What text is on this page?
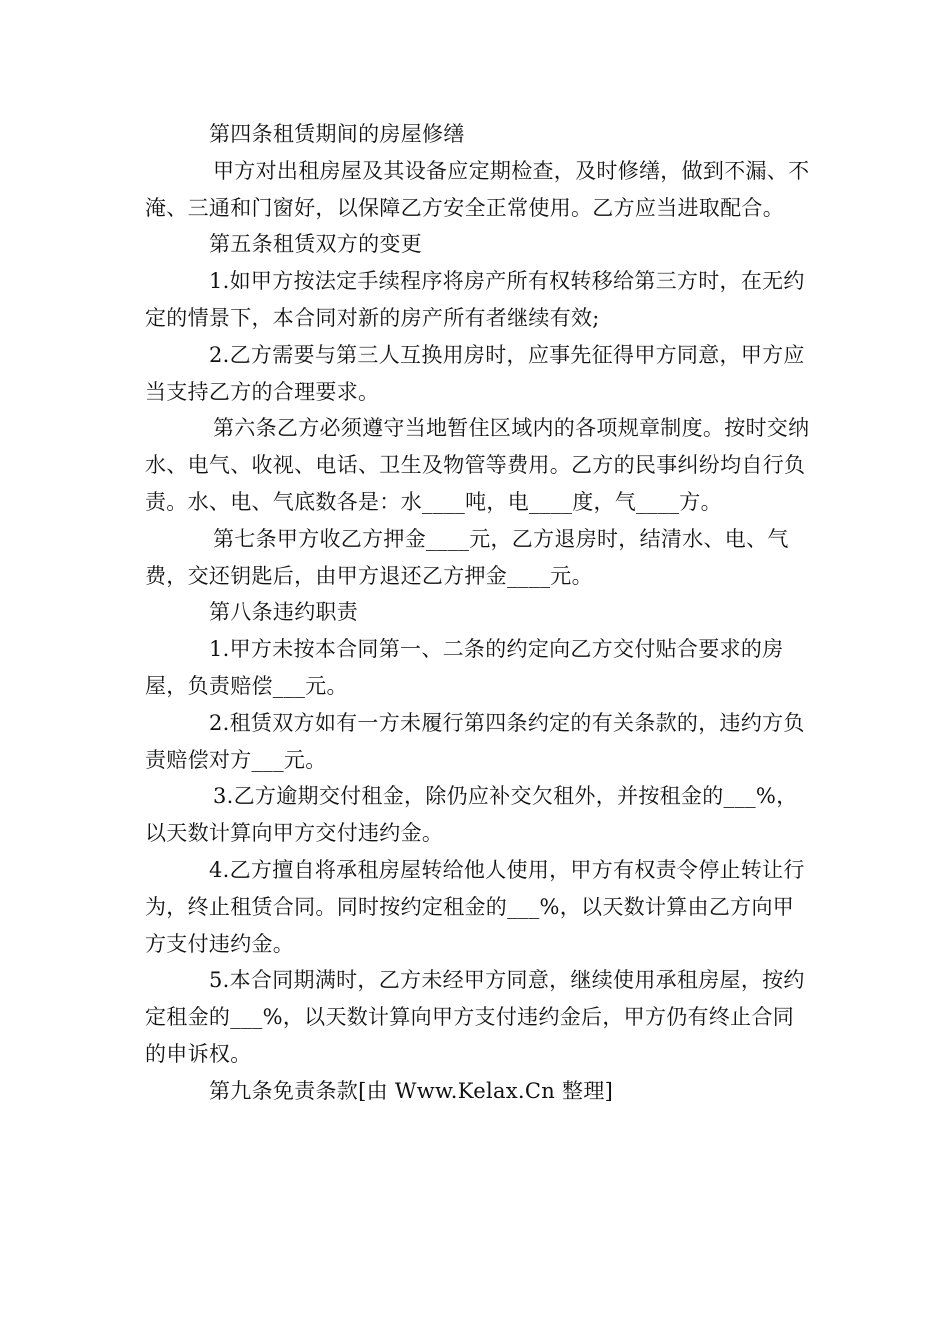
第四条租赁期间的房屋修缮

甲方对出租房屋及其设备应定期检查，及时修缮，做到不漏、不淹、三通和门窗好，以保障乙方安全正常使用。乙方应当进取配合。

第五条租赁双方的变更

1.如甲方按法定手续程序将房产所有权转移给第三方时，在无约定的情景下，本合同对新的房产所有者继续有效;

2.乙方需要与第三人互换用房时，应事先征得甲方同意，甲方应当支持乙方的合理要求。

第六条乙方必须遵守当地暂住区域内的各项规章制度。按时交纳水、电气、收视、电话、卫生及物管等费用。乙方的民事纠纷均自行负责。水、电、气底数各是：水____吨，电____度，气____方。

第七条甲方收乙方押金____元，乙方退房时，结清水、电、气费，交还钥匙后，由甲方退还乙方押金____元。

第八条违约职责

1.甲方未按本合同第一、二条的约定向乙方交付贴合要求的房屋，负责赔偿___元。

2.租赁双方如有一方未履行第四条约定的有关条款的，违约方负责赔偿对方___元。

3.乙方逾期交付租金，除仍应补交欠租外，并按租金的___%，以天数计算向甲方交付违约金。

4.乙方擅自将承租房屋转给他人使用，甲方有权责令停止转让行为，终止租赁合同。同时按约定租金的___%，以天数计算由乙方向甲方支付违约金。

5.本合同期满时，乙方未经甲方同意，继续使用承租房屋，按约定租金的___%，以天数计算向甲方支付违约金后，甲方仍有终止合同的申诉权。

第九条免责条款[由 Www.Kelax.Cn 整理]
